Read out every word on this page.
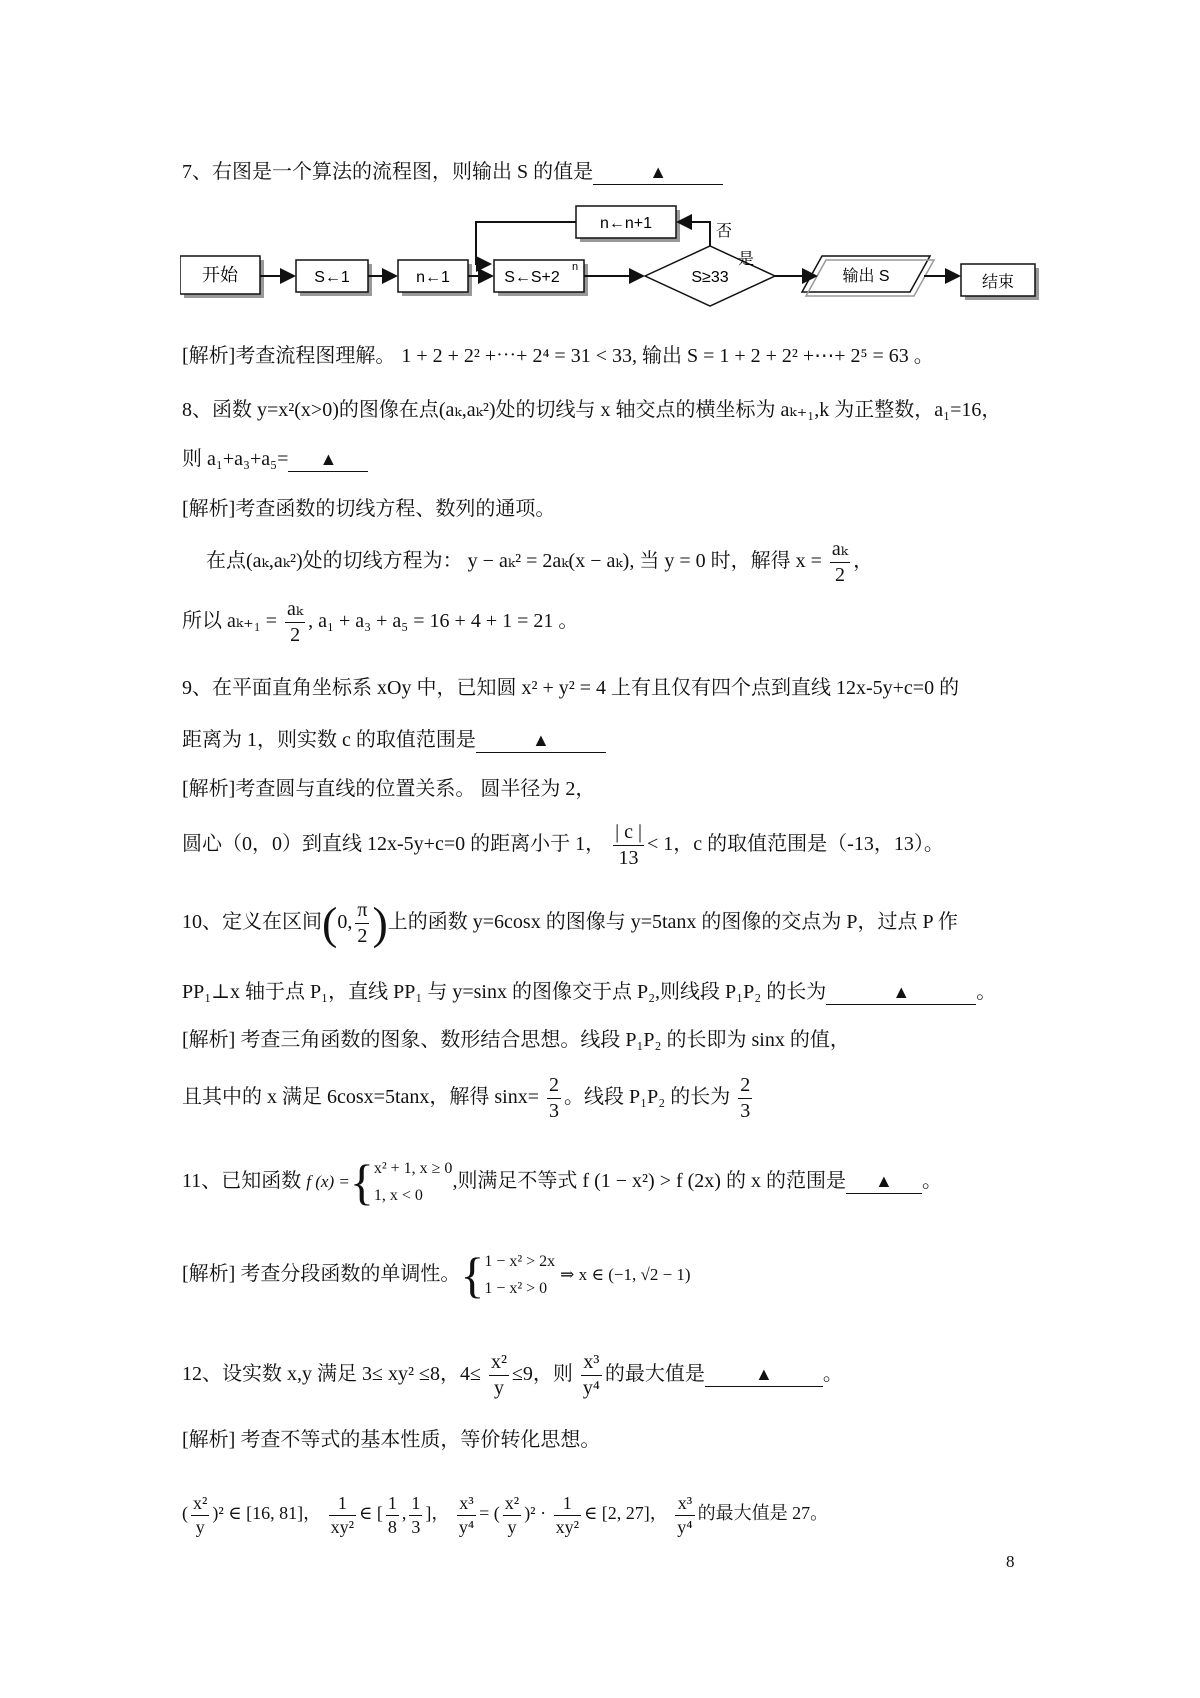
7、右图是一个算法的流程图，则输出 S 的值是	▲
开始	S←1	n←1	S←S+2
n
S≥33
n←n+1
输出 S	结束
是
否
[解析]考查流程图理解。 1 + 2 + 2² +⋯+ 2⁴ = 31 < 33, 输出 S = 1 + 2 + 2² +⋯+ 2⁵ = 63 。
8、函数 y=x²(x>0)的图像在点(aₖ,aₖ²)处的切线与 x 轴交点的横坐标为 aₖ₊₁,k 为正整数，a₁=16，
则 a₁+a₃+a₅= ▲
[解析]考查函数的切线方程、数列的通项。
在点(aₖ,aₖ²)处的切线方程为： y − aₖ² = 2aₖ(x − aₖ), 当 y = 0 时，解得 $x = \frac{\text{aₖ}}{2}$ ，
所以 $a_{k+1} = \frac{\text{aₖ}}{2}$ , a₁ + a₃ + a₅ = 16 + 4 + 1 = 21 。
9、在平面直角坐标系 xOy 中，已知圆 x² + y² = 4 上有且仅有四个点到直线 12x-5y+c=0 的
距离为 1，则实数 c 的取值范围是	▲
[解析]考查圆与直线的位置关系。 圆半径为 2，
圆心（0，0）到直线 12x-5y+c=0 的距离小于 1， $\frac{| c |}{13} < 1$，c 的取值范围是（-13，13）。
10、定义在区间(0, $\frac{\pi}{2}$ )上的函数 y=6cosx 的图像与 y=5tanx 的图像的交点为 P，过点 P 作
PP₁⊥x 轴于点 P₁，直线 PP₁ 与 y=sinx 的图像交于点 P₂,则线段 P₁P₂ 的长为	▲	。
[解析] 考查三角函数的图象、数形结合思想。线段 P₁P₂ 的长即为 sinx 的值，
且其中的 x 满足 6cosx=5tanx，解得 $\sin x= \frac{2}{3}$ 。线段 P₁P₂ 的长为 $\frac{2}{3}$
11、已知函数 f (x) ={ x² + 1, x ≥ 0
1, x < 0
,则满足不等式 f (1 − x²) > f (2x) 的 x 的范围是 ▲ 。
[解析] 考查分段函数的单调性。{ 1 − x² > 2x
1 − x² > 0
⇒ x ∈ (−1, √2 − 1)
12、设实数 x,y 满足 3≤ xy² ≤8，$4\le \frac{\text{x²}}{y} \le 9$，则 $\frac{\text{x³}}{\text{y⁴}}$ 的最大值是	▲	。
[解析] 考查不等式的基本性质，等价转化思想。
( $\frac{\text{x²}}{y} )^2$ ∈ [16, 81]， $\frac{1}{\text{xy²}}$ ∈ [ $\frac{1}{8}$ , $\frac{1}{3}$ ]， $\frac{\text{x³}}{\text{y⁴}}$ = ( $\frac{\text{x²}}{y} )^2 \cdot \frac{1}{\text{xy²}}$ ∈ [2, 27]， $\frac{\text{x³}}{\text{y⁴}}$ 的最大值是 27。
8
